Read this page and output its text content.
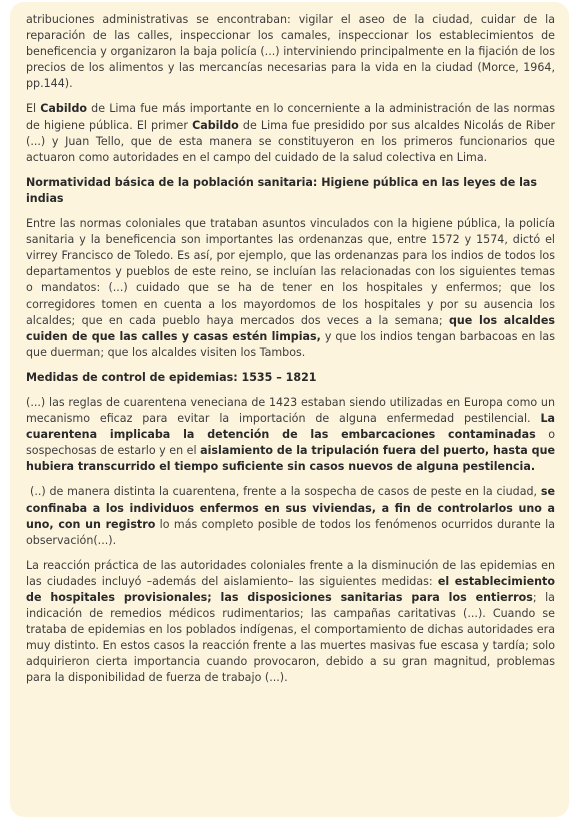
atribuciones administrativas se encontraban: vigilar el aseo de la ciudad, cuidar de la reparación de las calles, inspeccionar los camales, inspeccionar los establecimientos de beneficencia y organizaron la baja policía (...) interviniendo principalmente en la fijación de los precios de los alimentos y las mercancías necesarias para la vida en la ciudad (Morce, 1964, pp.144).

El Cabildo de Lima fue más importante en lo concerniente a la administración de las normas de higiene pública. El primer Cabildo de Lima fue presidido por sus alcaldes Nicolás de Riber (...) y Juan Tello, que de esta manera se constituyeron en los primeros funcionarios que actuaron como autoridades en el campo del cuidado de la salud colectiva en Lima.

Normatividad básica de la población sanitaria: Higiene pública en las leyes de las indias

Entre las normas coloniales que trataban asuntos vinculados con la higiene pública, la policía sanitaria y la beneficencia son importantes las ordenanzas que, entre 1572 y 1574, dictó el virrey Francisco de Toledo. Es así, por ejemplo, que las ordenanzas para los indios de todos los departamentos y pueblos de este reino, se incluían las relacionadas con los siguientes temas o mandatos: (...) cuidado que se ha de tener en los hospitales y enfermos; que los corregidores tomen en cuenta a los mayordomos de los hospitales y por su ausencia los alcaldes; que en cada pueblo haya mercados dos veces a la semana; que los alcaldes cuiden de que las calles y casas estén limpias, y que los indios tengan barbacoas en las que duerman; que los alcaldes visiten los Tambos.

Medidas de control de epidemias: 1535 – 1821

(...) las reglas de cuarentena veneciana de 1423 estaban siendo utilizadas en Europa como un mecanismo eficaz para evitar la importación de alguna enfermedad pestilencial. La cuarentena implicaba la detención de las embarcaciones contaminadas o sospechosas de estarlo y en el aislamiento de la tripulación fuera del puerto, hasta que hubiera transcurrido el tiempo suficiente sin casos nuevos de alguna pestilencia.

(..) de manera distinta la cuarentena, frente a la sospecha de casos de peste en la ciudad, se confinaba a los individuos enfermos en sus viviendas, a fin de controlarlos uno a uno, con un registro lo más completo posible de todos los fenómenos ocurridos durante la observación(...).

La reacción práctica de las autoridades coloniales frente a la disminución de las epidemias en las ciudades incluyó –además del aislamiento– las siguientes medidas: el establecimiento de hospitales provisionales; las disposiciones sanitarias para los entierros; la indicación de remedios médicos rudimentarios; las campañas caritativas (...). Cuando se trataba de epidemias en los poblados indígenas, el comportamiento de dichas autoridades era muy distinto. En estos casos la reacción frente a las muertes masivas fue escasa y tardía; solo adquirieron cierta importancia cuando provocaron, debido a su gran magnitud, problemas para la disponibilidad de fuerza de trabajo (...).
